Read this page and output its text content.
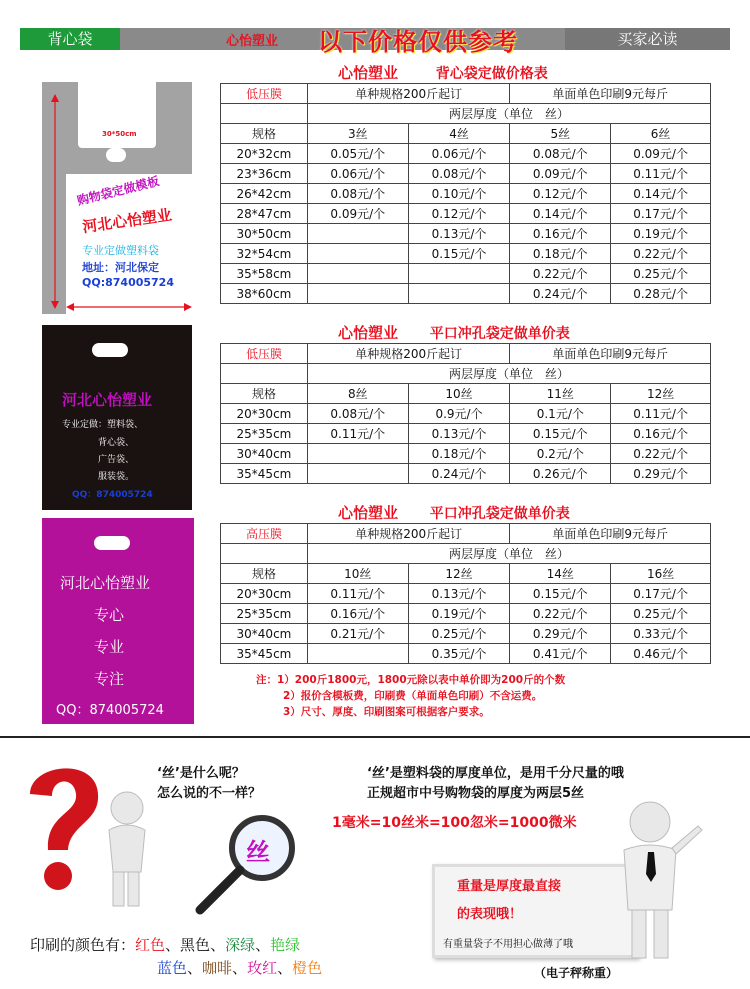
背心袋	买家必读
心怡塑业 以下价格仅供参考
袋子尺寸
20*32cm
30*50cm
购物袋定做模板
河北心怡塑业
专业定做塑料袋
地址：河北保定
QQ:874005724
河北心怡塑业
专业定做：塑料袋、
背心袋、
广告袋、
服装袋。
QQ：874005724
河北心怡塑业
专心
专业
专注
QQ：874005724
心怡塑业	背心袋定做价格表
低压膜	单种规格200斤起订		单面单色印刷9元每斤	
	两层厚度（单位　丝）			
规格	3丝	4丝	5丝	6丝
20*32cm	0.05元/个	0.06元/个	0.08元/个	0.09元/个
23*36cm	0.06元/个	0.08元/个	0.09元/个	0.11元/个
26*42cm	0.08元/个	0.10元/个	0.12元/个	0.14元/个
28*47cm	0.09元/个	0.12元/个	0.14元/个	0.17元/个
30*50cm		0.13元/个	0.16元/个	0.19元/个
32*54cm		0.15元/个	0.18元/个	0.22元/个
35*58cm			0.22元/个	0.25元/个
38*60cm			0.24元/个	0.28元/个
心怡塑业 平口冲孔袋定做单价表
低压膜	单种规格200斤起订		单面单色印刷9元每斤	
	两层厚度（单位　丝）			
规格	8丝	10丝	11丝	12丝
20*30cm	0.08元/个	0.9元/个	0.1元/个	0.11元/个
25*35cm	0.11元/个	0.13元/个	0.15元/个	0.16元/个
30*40cm		0.18元/个	0.2元/个	0.22元/个
35*45cm		0.24元/个	0.26元/个	0.29元/个
心怡塑业 平口冲孔袋定做单价表
高压膜	单种规格200斤起订		单面单色印刷9元每斤	
	两层厚度（单位　丝）			
规格	10丝	12丝	14丝	16丝
20*30cm	0.11元/个	0.13元/个	0.15元/个	0.17元/个
25*35cm	0.16元/个	0.19元/个	0.22元/个	0.25元/个
30*40cm	0.21元/个	0.25元/个	0.29元/个	0.33元/个
35*45cm		0.35元/个	0.41元/个	0.46元/个
注：1）200斤1800元，1800元除以表中单价即为200斤的个数
2）报价含模板费，印刷费（单面单色印刷）不含运费。
3）尺寸、厚度、印刷图案可根据客户要求。
‘丝’是什么呢？
怎么说的不一样？
‘丝’是塑料袋的厚度单位，是用千分尺量的哦
正规超市中号购物袋的厚度为两层5丝
1毫米=10丝米=100忽米=1000微米
丝
重量是厚度最直接
的表现哦！
有重量袋子不用担心做薄了哦
（电子秤称重）
印刷的颜色有：红色、黑色、深绿、艳绿
蓝色、咖啡、玫红、橙色
